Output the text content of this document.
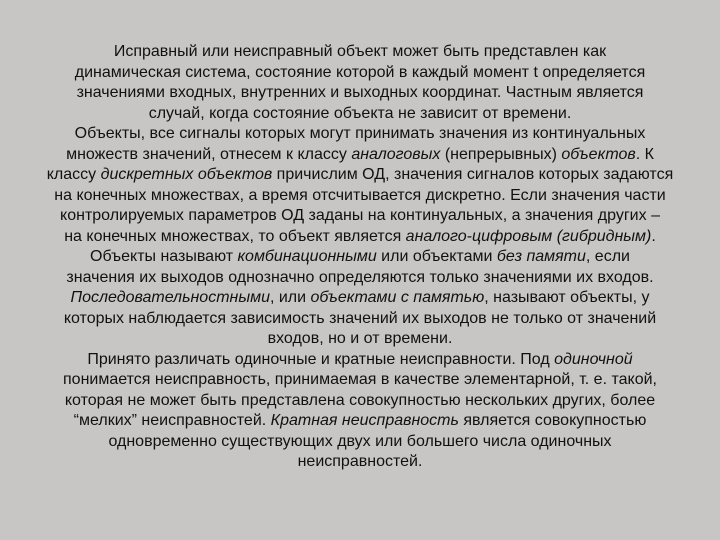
Исправный или неисправный объект может быть представлен как
динамическая система, состояние которой в каждый момент t определяется
значениями входных, внутренних и выходных координат. Частным является
случай, когда состояние объекта не зависит от времени.
Объекты, все сигналы которых могут принимать значения из континуальных
множеств значений, отнесем к классу аналоговых (непрерывных) объектов. К
классу дискретных объектов причислим ОД, значения сигналов которых задаются
на конечных множествах, а время отсчитывается дискретно. Если значения части
контролируемых параметров ОД заданы на континуальных, а значения других –
на конечных множествах, то объект является аналого-цифровым (гибридным).
Объекты называют комбинационными или объектами без памяти, если
значения их выходов однозначно определяются только значениями их входов.
Последовательностными, или объектами с памятью, называют объекты, у
которых наблюдается зависимость значений их выходов не только от значений
входов, но и от времени.
Принято различать одиночные и кратные неисправности. Под одиночной
понимается неисправность, принимаемая в качестве элементарной, т. е. такой,
которая не может быть представлена совокупностью нескольких других, более
“мелких” неисправностей. Кратная неисправность является совокупностью
одновременно существующих двух или большего числа одиночных
неисправностей.
